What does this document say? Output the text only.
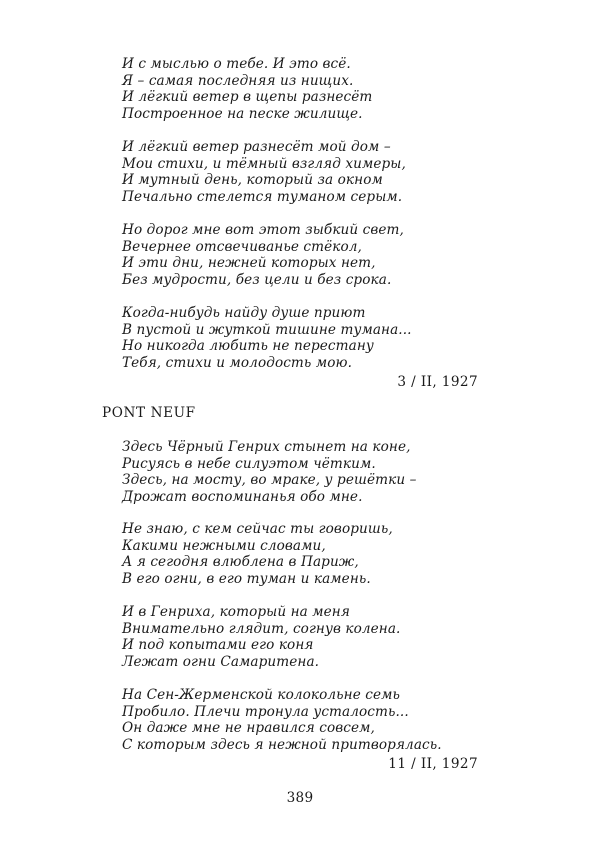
И с мыслью о тебе. И это всё.
Я – самая последняя из нищих.
И лёгкий ветер в щепы разнесёт
Построенное на песке жилище.
И лёгкий ветер разнесёт мой дом –
Мои стихи, и тёмный взгляд химеры,
И мутный день, который за окном
Печально стелется туманом серым.
Но дорог мне вот этот зыбкий свет,
Вечернее отсвечиванье стёкол,
И эти дни, нежней которых нет,
Без мудрости, без цели и без срока.
Когда-нибудь найду душе приют
В пустой и жуткой тишине тумана...
Но никогда любить не перестану
Тебя, стихи и молодость мою.
3 / II, 1927
PONT NEUF
Здесь Чёрный Генрих стынет на коне,
Рисуясь в небе силуэтом чётким.
Здесь, на мосту, во мраке, у решётки –
Дрожат воспоминанья обо мне.
Не знаю, с кем сейчас ты говоришь,
Какими нежными словами,
А я сегодня влюблена в Париж,
В его огни, в его туман и камень.
И в Генриха, который на меня
Внимательно глядит, согнув колена.
И под копытами его коня
Лежат огни Самаритена.
На Сен-Жерменской колокольне семь
Пробило. Плечи тронула усталость...
Он даже мне не нравился совсем,
С которым здесь я нежной притворялась.
11 / II, 1927
389
